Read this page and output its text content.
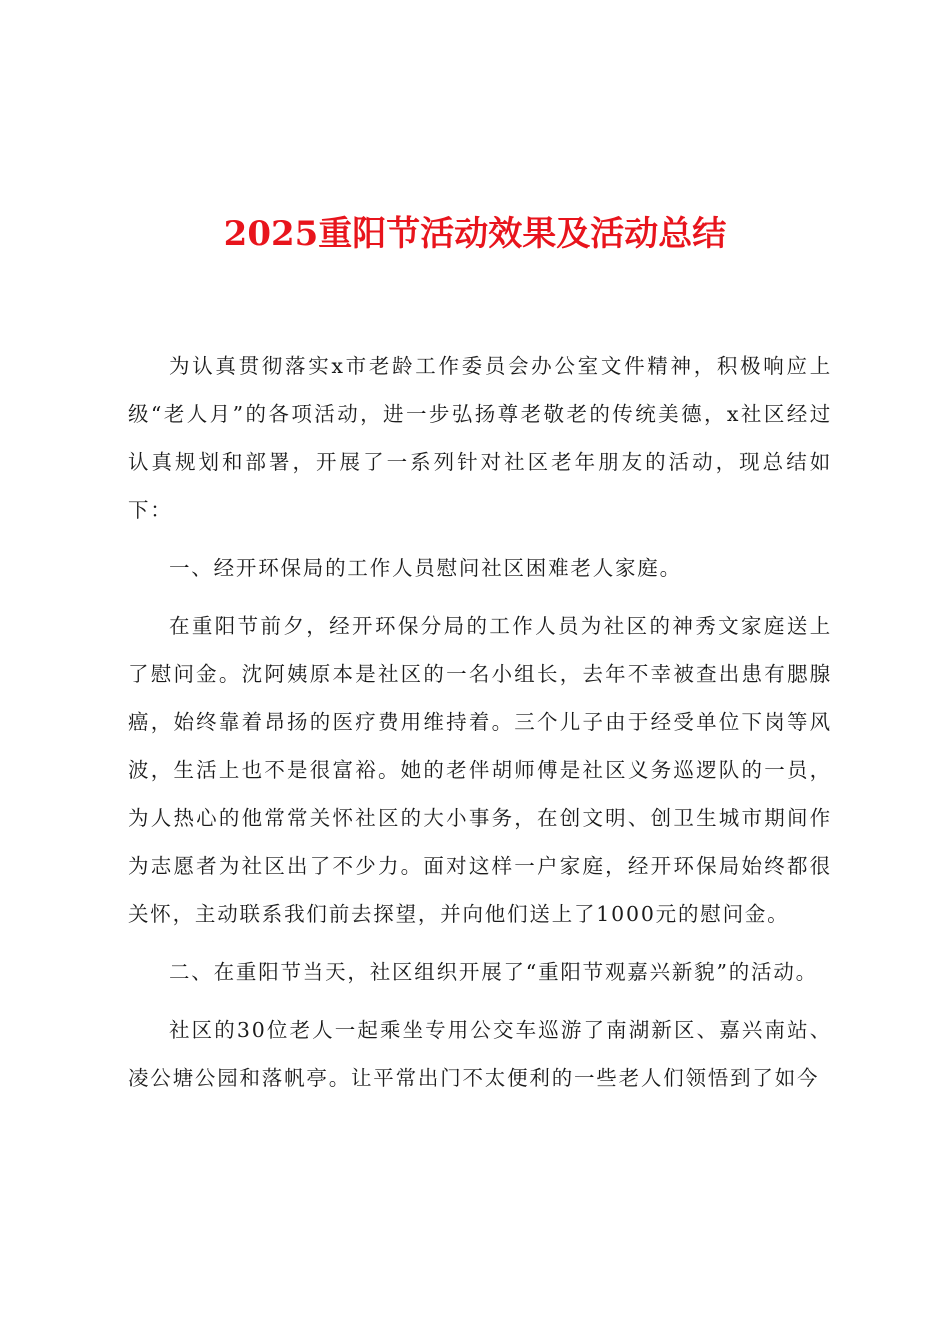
2025重阳节活动效果及活动总结

为认真贯彻落实x市老龄工作委员会办公室文件精神，积极响应上级“老人月”的各项活动，进一步弘扬尊老敬老的传统美德，x社区经过认真规划和部署，开展了一系列针对社区老年朋友的活动，现总结如下：

一、经开环保局的工作人员慰问社区困难老人家庭。

在重阳节前夕，经开环保分局的工作人员为社区的神秀文家庭送上了慰问金。沈阿姨原本是社区的一名小组长，去年不幸被查出患有腮腺癌，始终靠着昂扬的医疗费用维持着。三个儿子由于经受单位下岗等风波，生活上也不是很富裕。她的老伴胡师傅是社区义务巡逻队的一员，为人热心的他常常关怀社区的大小事务，在创文明、创卫生城市期间作为志愿者为社区出了不少力。面对这样一户家庭，经开环保局始终都很关怀，主动联系我们前去探望，并向他们送上了1000元的慰问金。

二、在重阳节当天，社区组织开展了“重阳节观嘉兴新貌”的活动。

社区的30位老人一起乘坐专用公交车巡游了南湖新区、嘉兴南站、凌公塘公园和落帆亭。让平常出门不太便利的一些老人们领悟到了如今
